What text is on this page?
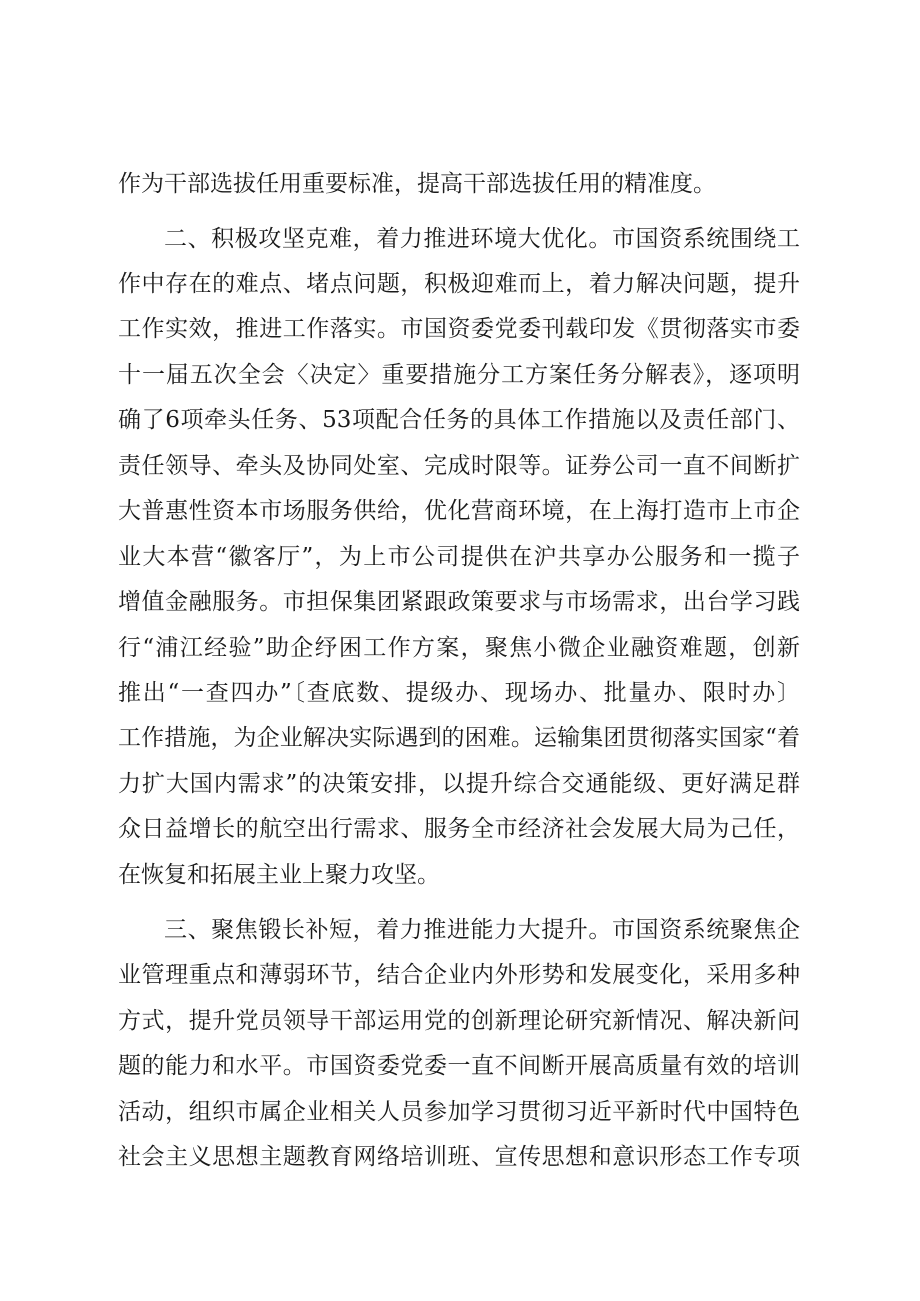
作为干部选拔任用重要标准，提高干部选拔任用的精准度。
二、积极攻坚克难，着力推进环境大优化。市国资系统围绕工
作中存在的难点、堵点问题，积极迎难而上，着力解决问题，提升
工作实效，推进工作落实。市国资委党委刊载印发《贯彻落实市委
十一届五次全会〈决定〉重要措施分工方案任务分解表》，逐项明
确了6项牵头任务、53项配合任务的具体工作措施以及责任部门、
责任领导、牵头及协同处室、完成时限等。证券公司一直不间断扩
大普惠性资本市场服务供给，优化营商环境，在上海打造市上市企
业大本营“徽客厅”，为上市公司提供在沪共享办公服务和一揽子
增值金融服务。市担保集团紧跟政策要求与市场需求，出台学习践
行“浦江经验”助企纾困工作方案，聚焦小微企业融资难题，创新
推出“一查四办”〔查底数、提级办、现场办、批量办、限时办〕
工作措施，为企业解决实际遇到的困难。运输集团贯彻落实国家“着
力扩大国内需求”的决策安排，以提升综合交通能级、更好满足群
众日益增长的航空出行需求、服务全市经济社会发展大局为己任，
在恢复和拓展主业上聚力攻坚。
三、聚焦锻长补短，着力推进能力大提升。市国资系统聚焦企
业管理重点和薄弱环节，结合企业内外形势和发展变化，采用多种
方式，提升党员领导干部运用党的创新理论研究新情况、解决新问
题的能力和水平。市国资委党委一直不间断开展高质量有效的培训
活动，组织市属企业相关人员参加学习贯彻习近平新时代中国特色
社会主义思想主题教育网络培训班、宣传思想和意识形态工作专项
